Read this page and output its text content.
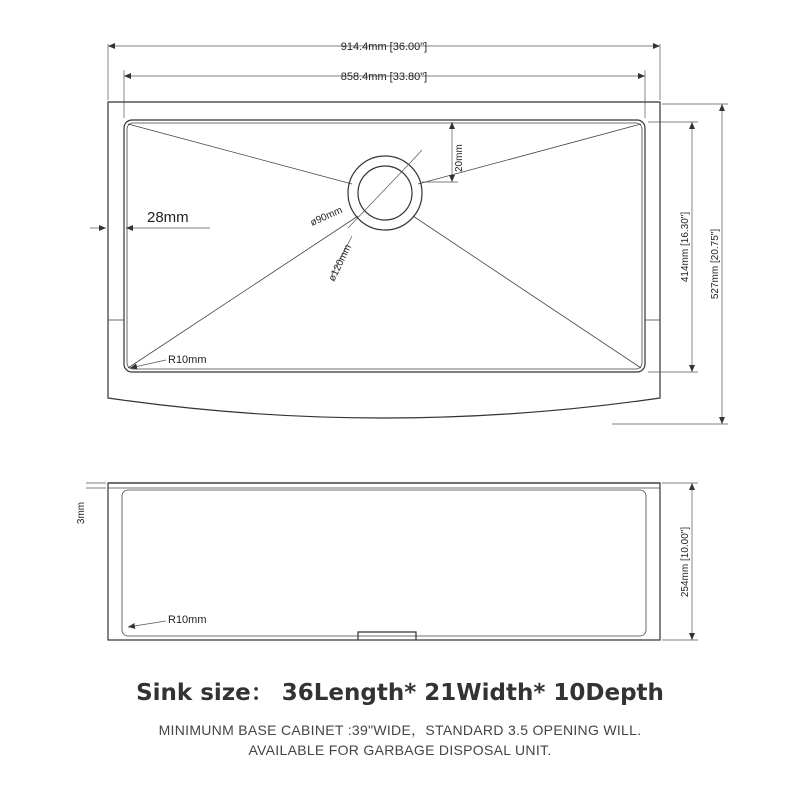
914.4mm [36.00"]
858.4mm [33.80"]
28mm
20mm
ø90mm
ø120mm
R10mm
414mm [16.30"] 527mm [20.75"]
3mm
R10mm
254mm [10.00"]
Sink size： 36Length* 21Width* 10Depth
MINIMUNM BASE CABINET :39"WIDE，STANDARD 3.5 OPENING WILL.
AVAILABLE FOR GARBAGE DISPOSAL UNIT.
